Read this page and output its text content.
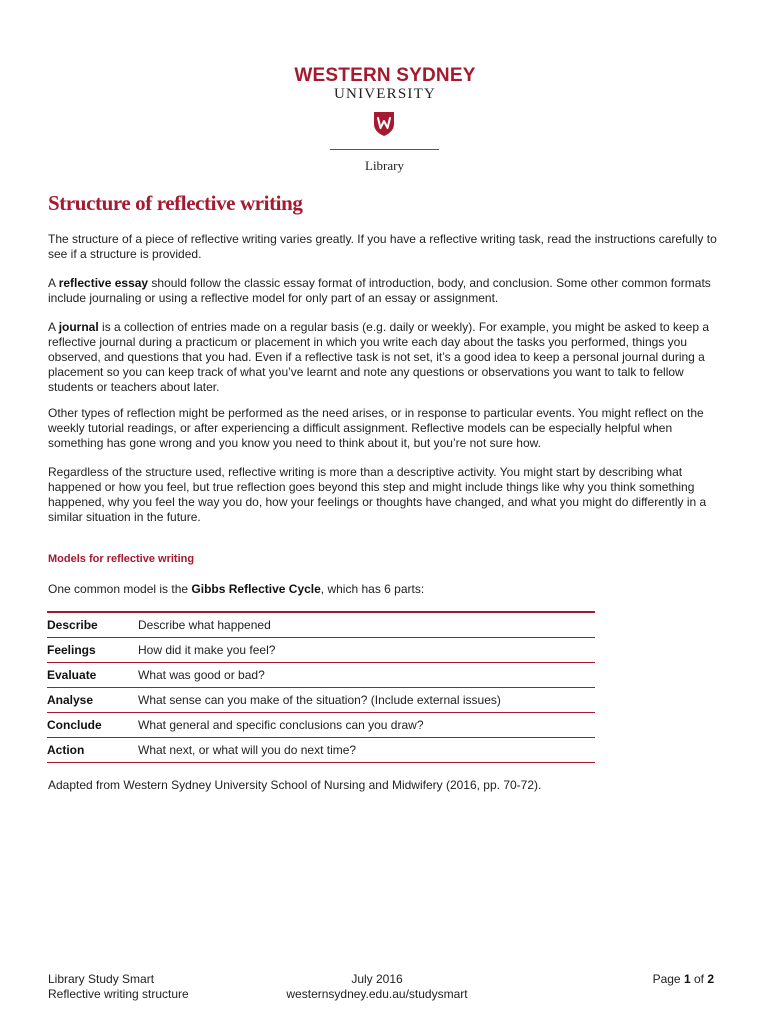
WESTERN SYDNEY
UNIVERSITY
Library
Structure of reflective writing

The structure of a piece of reflective writing varies greatly. If you have a reflective writing task, read the instructions carefully to see if a structure is provided.

A reflective essay should follow the classic essay format of introduction, body, and conclusion. Some other common formats include journaling or using a reflective model for only part of an essay or assignment.

A journal is a collection of entries made on a regular basis (e.g. daily or weekly). For example, you might be asked to keep a reflective journal during a practicum or placement in which you write each day about the tasks you performed, things you observed, and questions that you had. Even if a reflective task is not set, it’s a good idea to keep a personal journal during a placement so you can keep track of what you’ve learnt and note any questions or observations you want to talk to fellow students or teachers about later.

Other types of reflection might be performed as the need arises, or in response to particular events. You might reflect on the weekly tutorial readings, or after experiencing a difficult assignment. Reflective models can be especially helpful when something has gone wrong and you know you need to think about it, but you’re not sure how.

Regardless of the structure used, reflective writing is more than a descriptive activity. You might start by describing what happened or how you feel, but true reflection goes beyond this step and might include things like why you think something happened, why you feel the way you do, how your feelings or thoughts have changed, and what you might do differently in a similar situation in the future.

Models for reflective writing

One common model is the Gibbs Reflective Cycle, which has 6 parts:

Describe	Describe what happened
Feelings	How did it make you feel?
Evaluate	What was good or bad?
Analyse	What sense can you make of the situation? (Include external issues)
Conclude	What general and specific conclusions can you draw?
Action	What next, or what will you do next time?

Adapted from Western Sydney University School of Nursing and Midwifery (2016, pp. 70-72).

Library Study Smart
Reflective writing structure
July 2016
westernsydney.edu.au/studysmart
Page 1 of 2
